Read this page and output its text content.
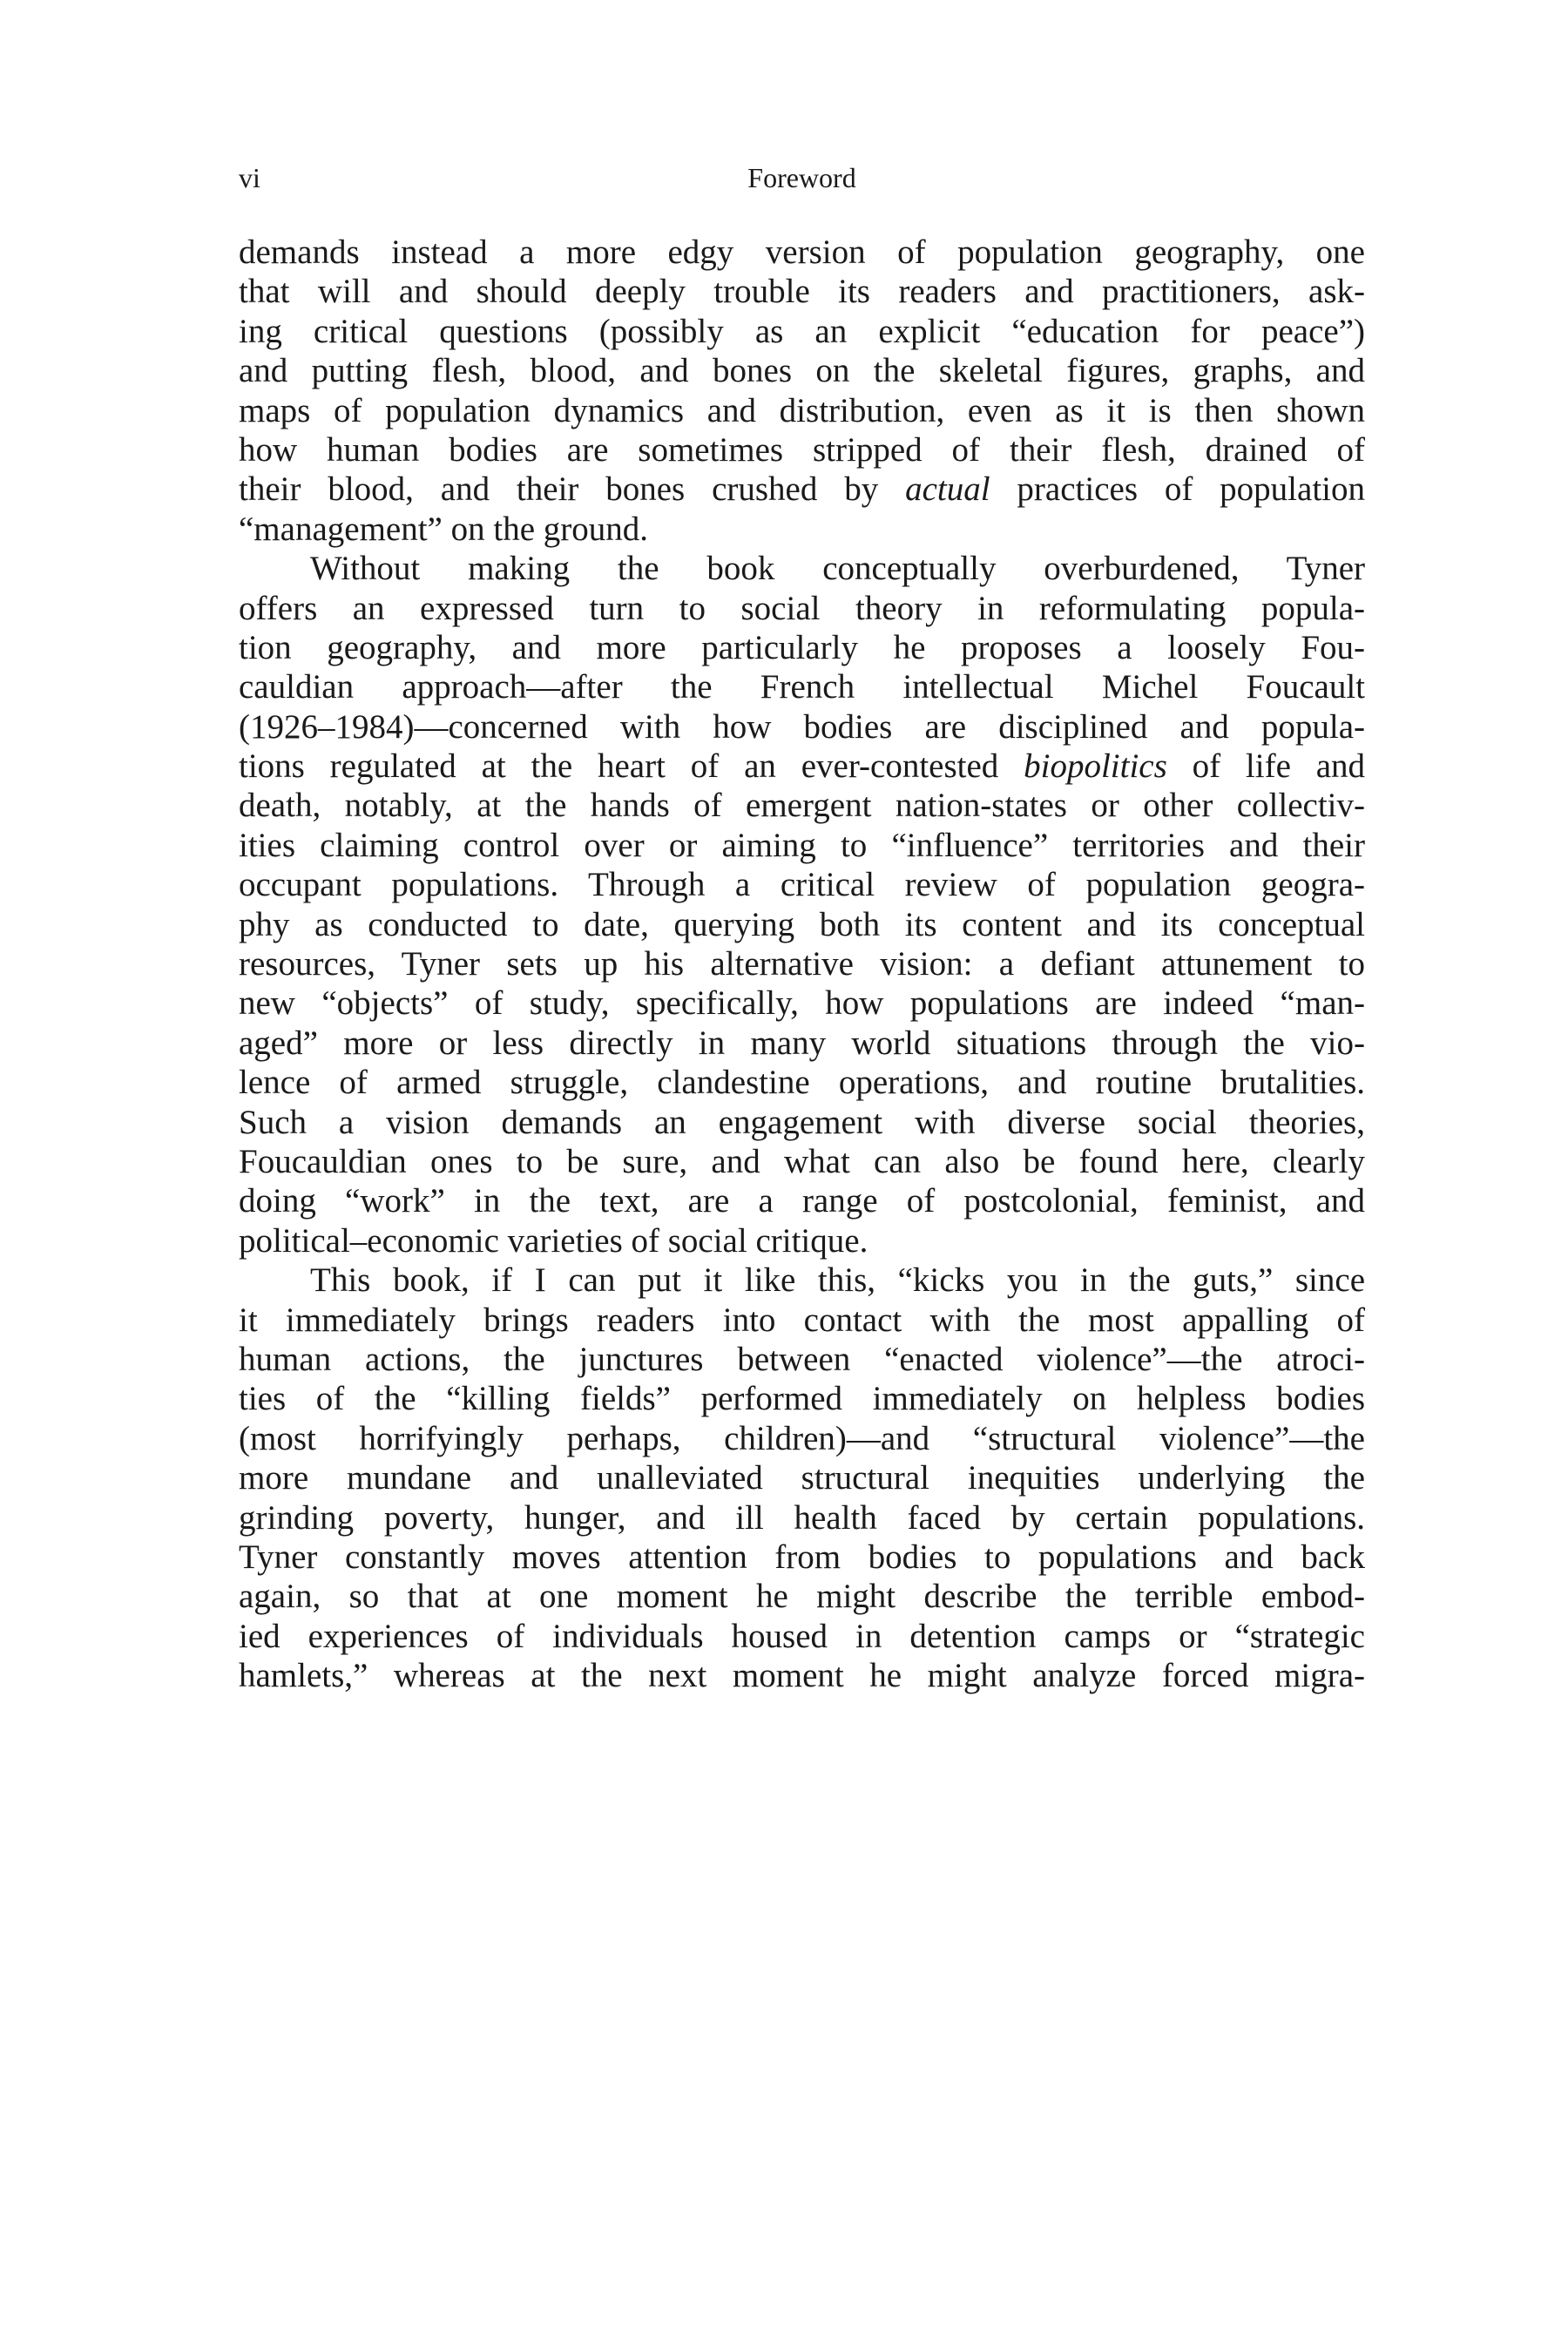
vi	Foreword
demands instead a more edgy version of population geography, one
that will and should deeply trouble its readers and practitioners, ask-
ing critical questions (possibly as an explicit “education for peace”)
and putting flesh, blood, and bones on the skeletal figures, graphs, and
maps of population dynamics and distribution, even as it is then shown
how human bodies are sometimes stripped of their flesh, drained of
their blood, and their bones crushed by actual practices of population
“management” on the ground.
Without making the book conceptually overburdened, Tyner
offers an expressed turn to social theory in reformulating popula-
tion geography, and more particularly he proposes a loosely Fou-
cauldian approach—after the French intellectual Michel Foucault
(1926–1984)—concerned with how bodies are disciplined and popula-
tions regulated at the heart of an ever-contested biopolitics of life and
death, notably, at the hands of emergent nation-states or other collectiv-
ities claiming control over or aiming to “influence” territories and their
occupant populations. Through a critical review of population geogra-
phy as conducted to date, querying both its content and its conceptual
resources, Tyner sets up his alternative vision: a defiant attunement to
new “objects” of study, specifically, how populations are indeed “man-
aged” more or less directly in many world situations through the vio-
lence of armed struggle, clandestine operations, and routine brutalities.
Such a vision demands an engagement with diverse social theories,
Foucauldian ones to be sure, and what can also be found here, clearly
doing “work” in the text, are a range of postcolonial, feminist, and
political–economic varieties of social critique.
This book, if I can put it like this, “kicks you in the guts,” since
it immediately brings readers into contact with the most appalling of
human actions, the junctures between “enacted violence”—the atroci-
ties of the “killing fields” performed immediately on helpless bodies
(most horrifyingly perhaps, children)—and “structural violence”—the
more mundane and unalleviated structural inequities underlying the
grinding poverty, hunger, and ill health faced by certain populations.
Tyner constantly moves attention from bodies to populations and back
again, so that at one moment he might describe the terrible embod-
ied experiences of individuals housed in detention camps or “strategic
hamlets,” whereas at the next moment he might analyze forced migra-
